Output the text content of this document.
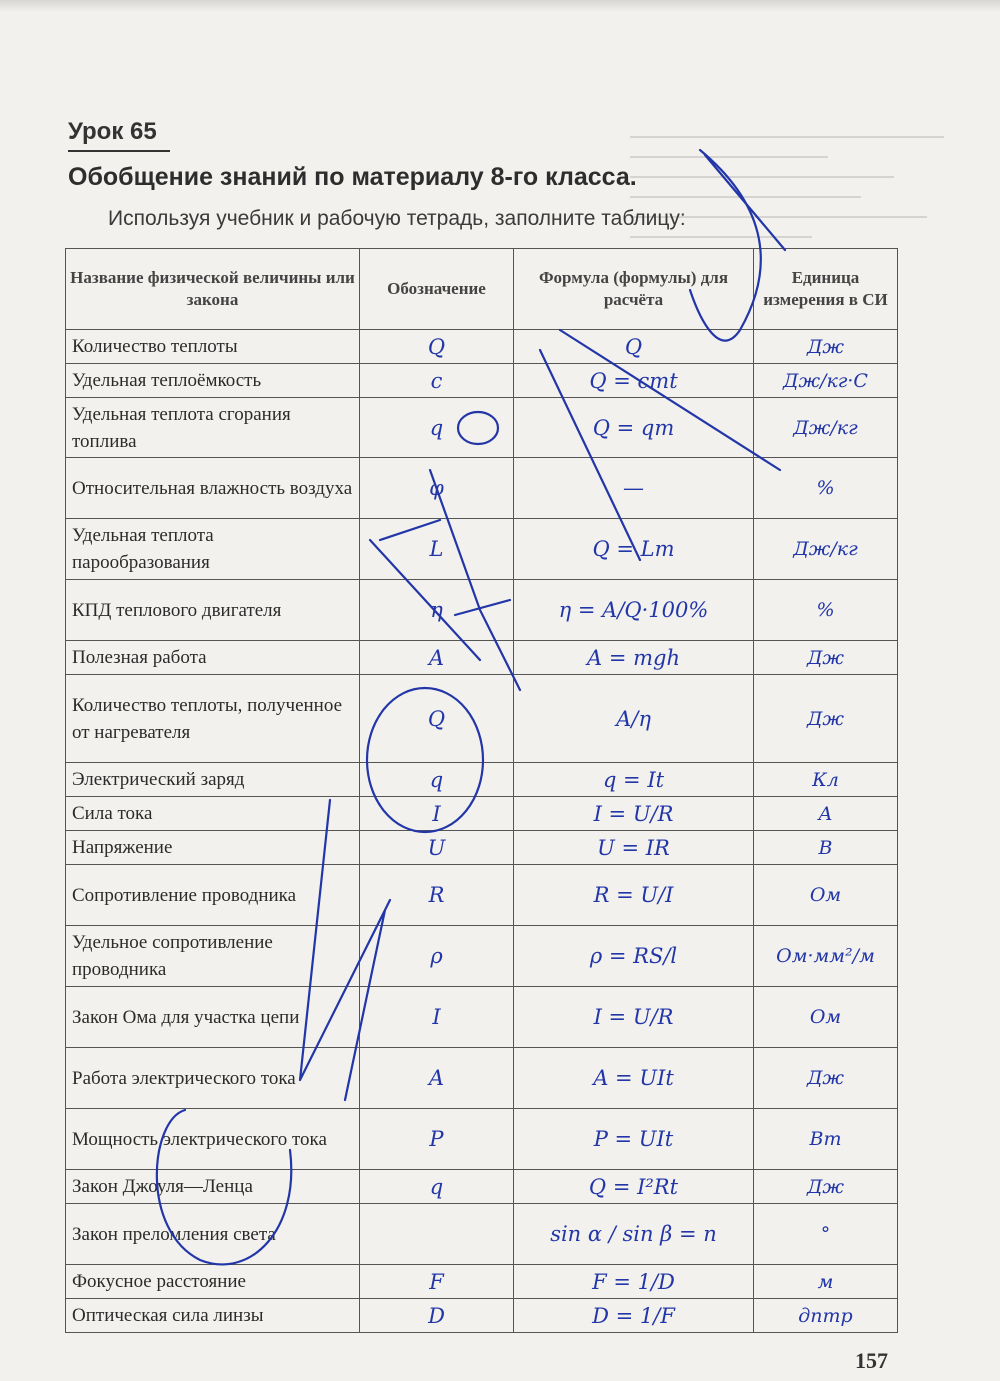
Урок 65
Обобщение знаний по материалу 8-го класса.
Используя учебник и рабочую тетрадь, заполните таблицу:
Название физической величины или закона	Обозначение	Формула (формулы) для расчёта	Единица измерения в СИ
Количество теплоты	Q	Q	Дж
Удельная теплоёмкость	c	Q = cmt	Дж/кг·С
Удельная теплота сгорания топлива	q	Q = qm	Дж/кг
Относительная влажность воздуха	φ	—	%
Удельная теплота парообразования	L	Q = Lm	Дж/кг
КПД теплового двигателя	η	η = A/Q·100%	%
Полезная работа	A	A = mgh	Дж
Количество теплоты, полученное от нагревателя	Q	A/η	Дж
Электрический заряд	q	q = It	Кл
Сила тока	I	I = U/R	A
Напряжение	U	U = IR	B
Сопротивление проводника	R	R = U/I	Ом
Удельное сопротивление проводника	ρ	ρ = RS/l	Ом·мм²/м
Закон Ома для участка цепи	I	I = U/R	Ом
Работа электрического тока	A	A = UIt	Дж
Мощность электрического тока	P	P = UIt	Вт
Закон Джоуля—Ленца	q	Q = I²Rt	Дж
Закон преломления света		sin α / sin β = n	°
Фокусное расстояние	F	F = 1/D	м
Оптическая сила линзы	D	D = 1/F	дптр
157
